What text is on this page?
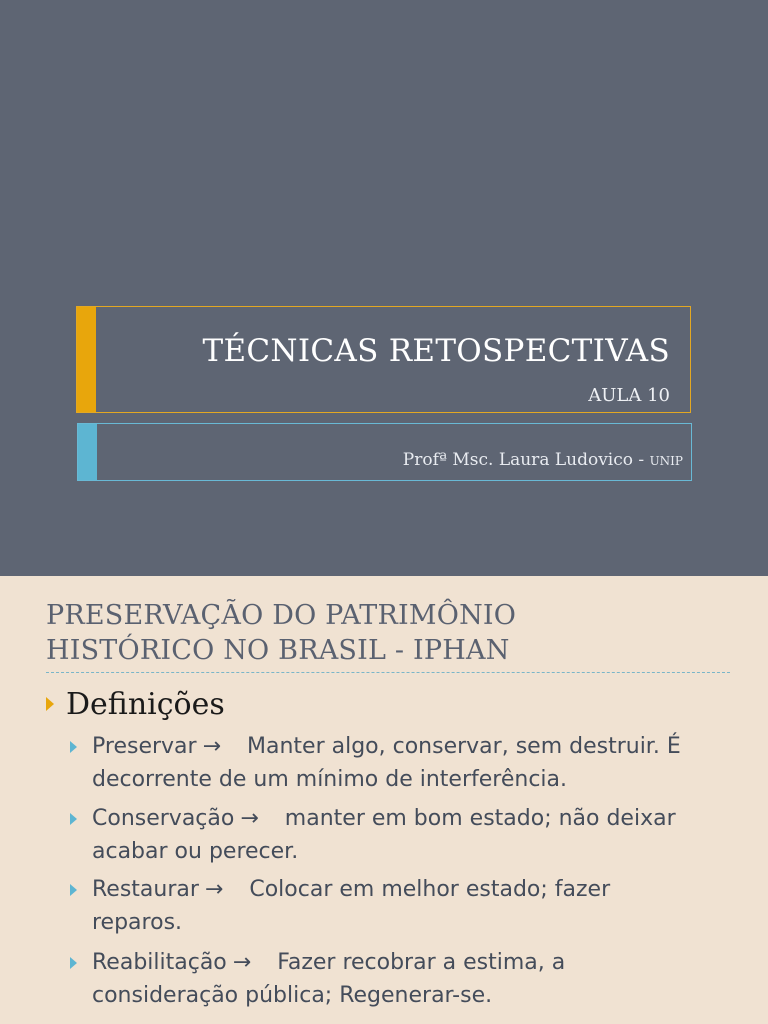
TÉCNICAS RETOSPECTIVAS
AULA 10
Profª Msc. Laura Ludovico - UNIP
PRESERVAÇÃO DO PATRIMÔNIO
HISTÓRICO NO BRASIL - IPHAN
Definições
Preservar → Manter algo, conservar, sem destruir. É
decorrente de um mínimo de interferência.
Conservação → manter em bom estado; não deixar
acabar ou perecer.
Restaurar → Colocar em melhor estado; fazer
reparos.
Reabilitação → Fazer recobrar a estima, a
consideração pública; Regenerar-se.
